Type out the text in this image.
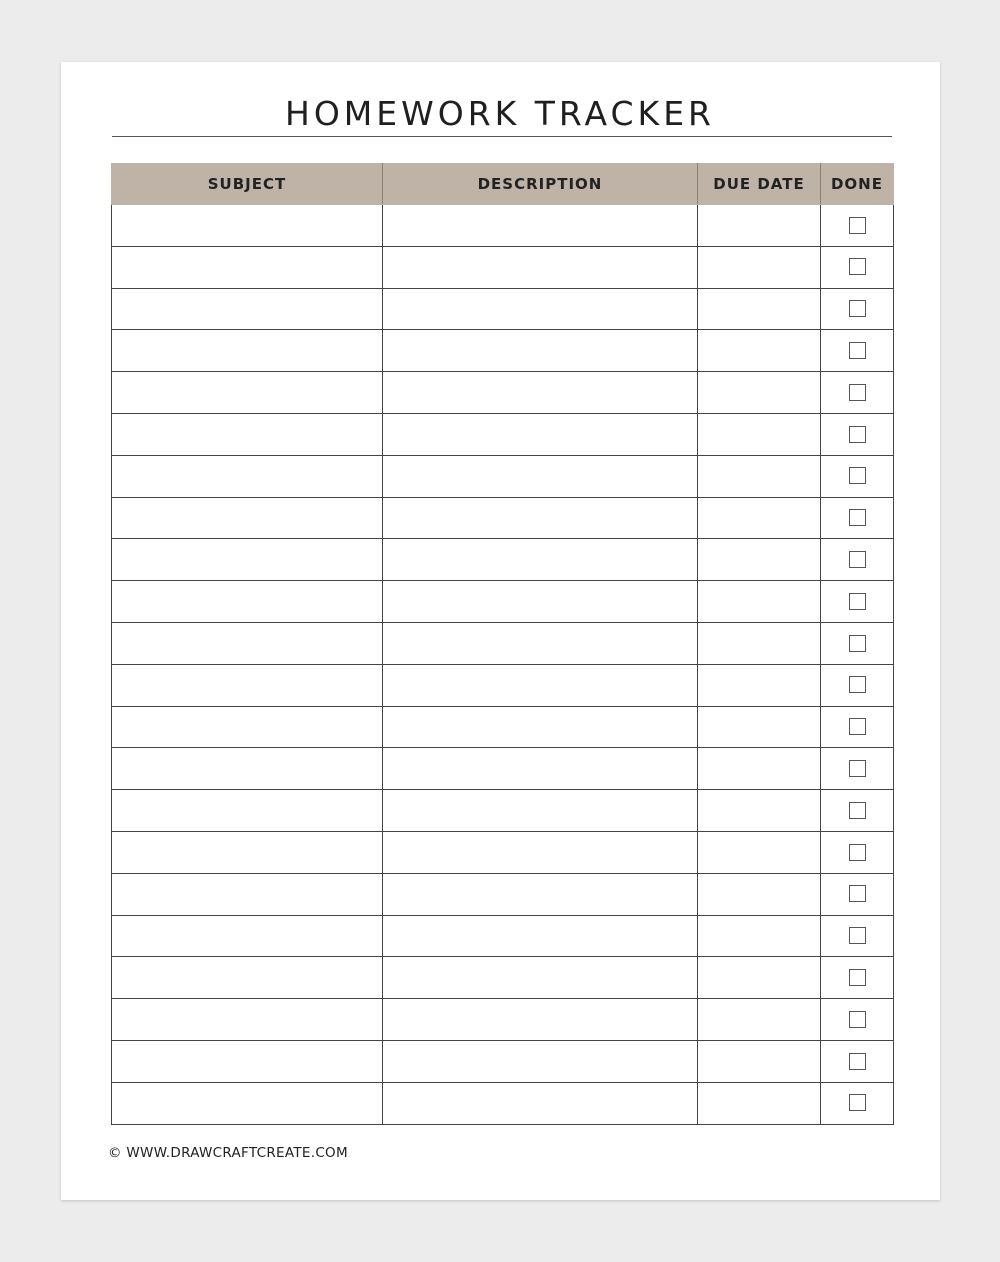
HOMEWORK TRACKER
SUBJECT	DESCRIPTION	DUE DATE	DONE

© WWW.DRAWCRAFTCREATE.COM
